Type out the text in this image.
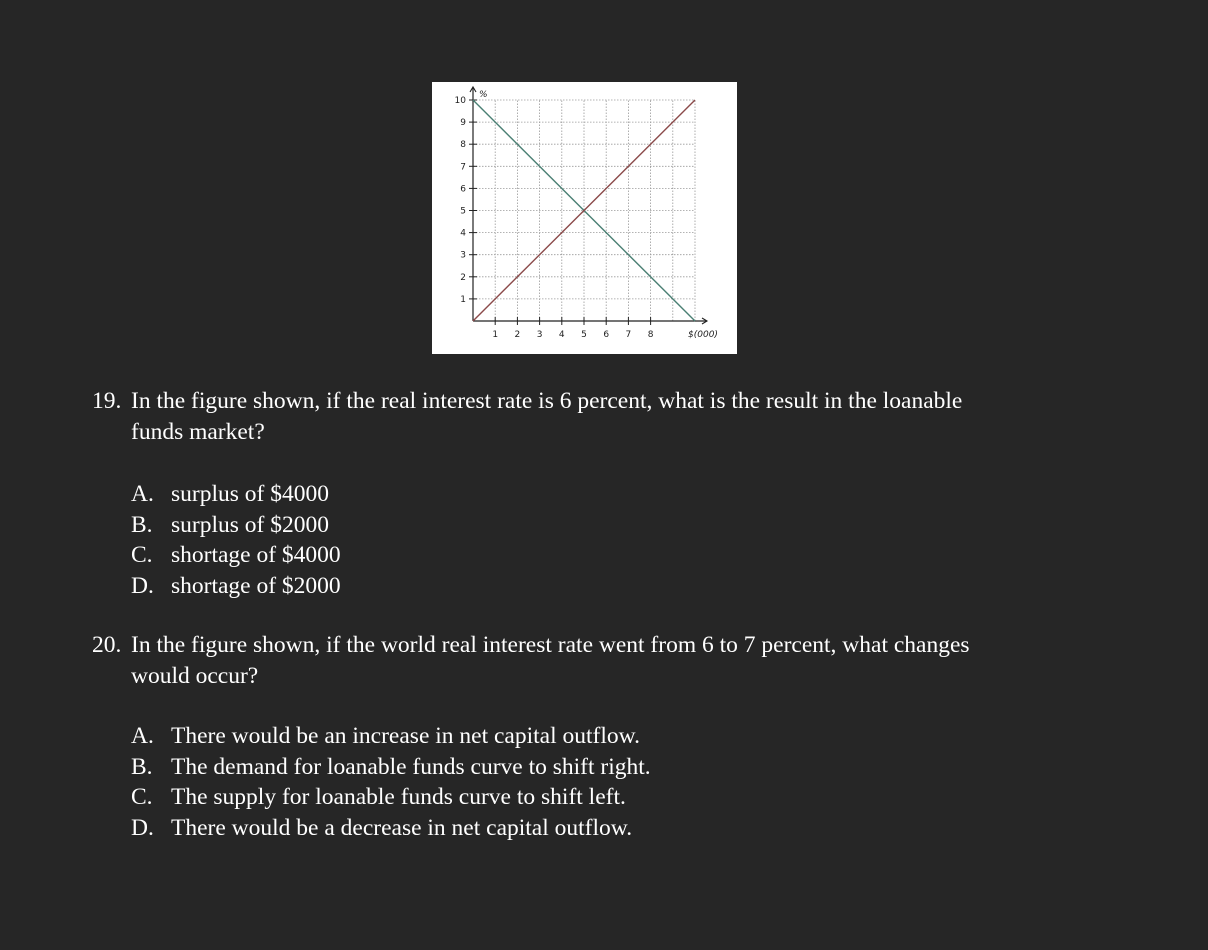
1
2
3
4
5
6
7
8
9
10
1 2 3 4 5 6 7 8
%
$(000)
19. In the figure shown, if the real interest rate is 6 percent, what is the result in the loanable
funds market?
A. surplus of $4000
B. surplus of $2000
C. shortage of $4000
D. shortage of $2000
20. In the figure shown, if the world real interest rate went from 6 to 7 percent, what changes
would occur?
A. There would be an increase in net capital outflow.
B. The demand for loanable funds curve to shift right.
C. The supply for loanable funds curve to shift left.
D. There would be a decrease in net capital outflow.
